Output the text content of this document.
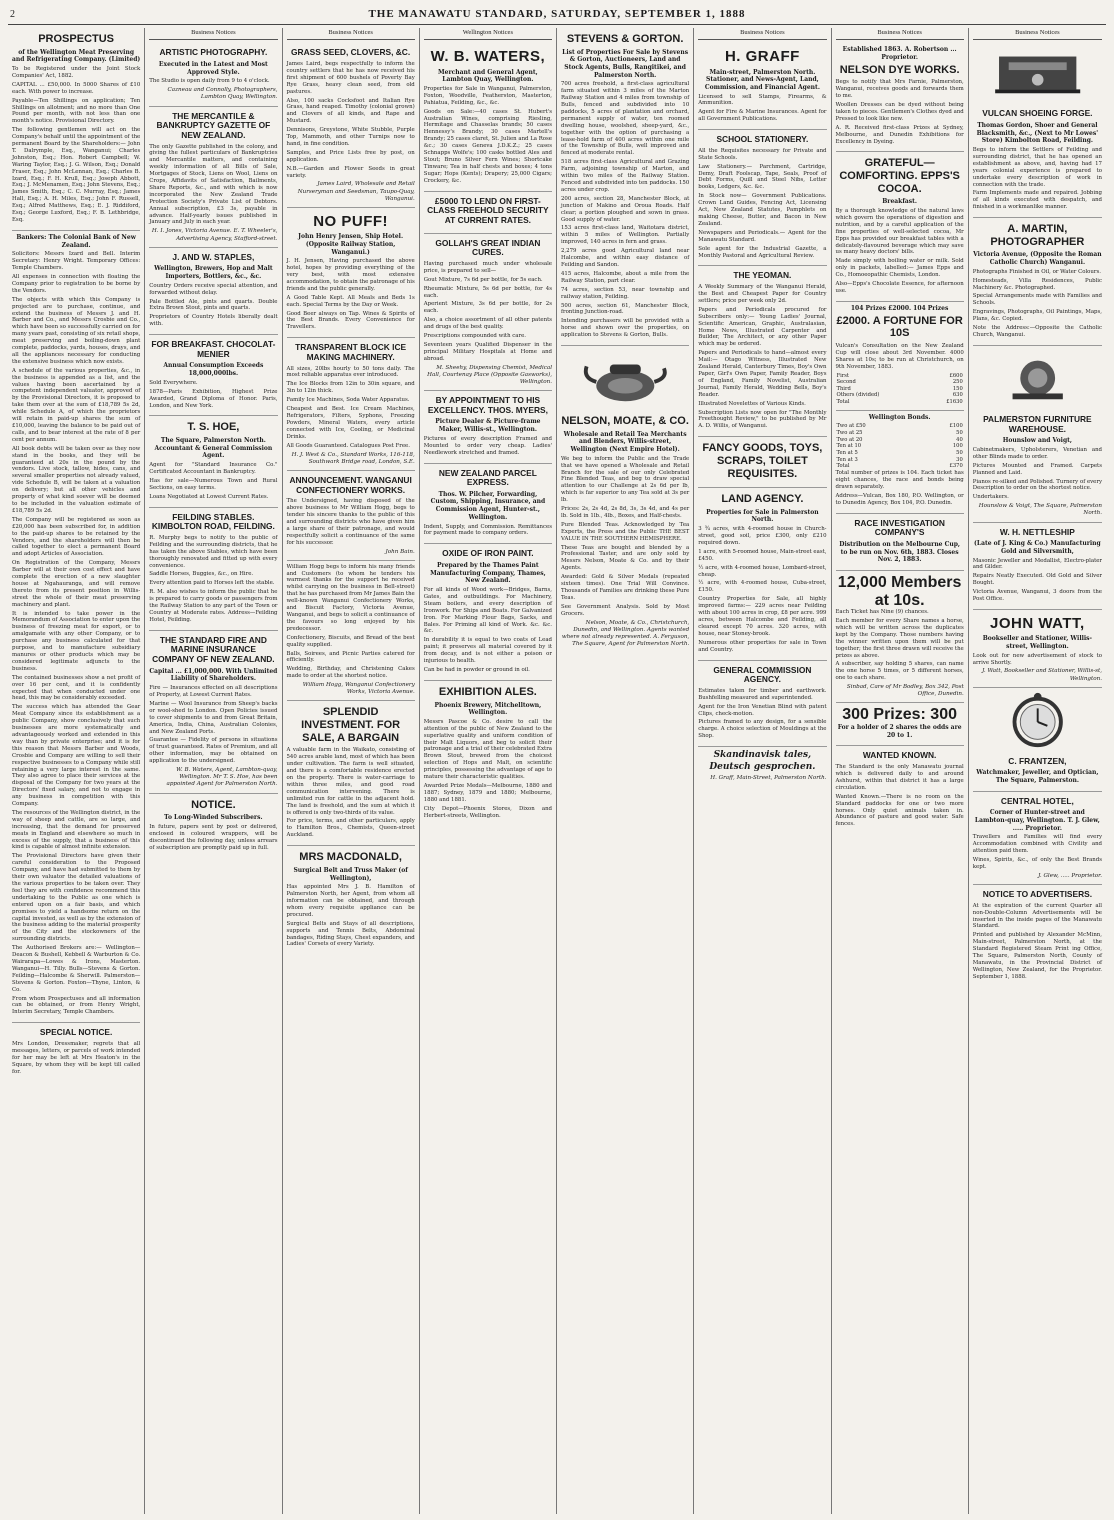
2	THE MANAWATU STANDARD, SATURDAY, SEPTEMBER 1, 1888
PROSPECTUS
of the Wellington Meat Preserving and Refrigerating Company. (Limited)

To be Registered under the Joint Stock Companies' Act, 1882.

CAPITAL ... £50,000. In 5000 Shares of £10 each. With power to increase.

Payable—Ten Shillings on application; Ten Shillings on allotment; and no more than One Pound per month, with not less than one month's notice. Provisional Directory.

The following gentlemen will act on the Company's behalf until the appointment of the permanent Board by the Shareholders:— John T. Dalrymple, Esq., Wanganui; Charles Johnston, Esq.; Hon. Robert Campbell; W. Waring Taylor, Esq.; J. G. Wilson, Esq.; Donald Fraser, Esq.; John McLennan, Esq.; Charles B. Izard, Esq.; F. H. Krull, Esq.; Joseph Abbott, Esq.; J. McMenamen, Esq.; John Stevens, Esq.; James Smith, Esq.; C. C. Murray, Esq.; James Hall, Esq.; A. H. Miles, Esq.; John F. Russell, Esq.; Alfred Matthews, Esq.; E. J. Riddiford, Esq.; George Luxford, Esq.; F. B. Lethbridge, Esq.

Bankers: The Colonial Bank of New Zealand.

Solicitors: Messrs Izard and Bell. Interim Secretary: Henry Wright. Temporary Offices: Temple Chambers.

All expenses in connection with floating the Company prior to registration to be borne by the Vendors.

The objects with which this Company is projected are to purchase, continue, and extend the business of Messrs J. and H. Barber and Co., and Messrs Crosbie and Co., which have been so successfully carried on for many years past, consisting of six retail shops, meat preserving and boiling-down plant complete, paddocks, yards, houses, drays, and all the appliances necessary for conducting the extensive business which now exists.

A schedule of the various properties, &c., in the business is appended as a list, and the values having been ascertained by a competent independent valuator, approved of by the Provisional Directors, it is proposed to take them over at the sum of £18,789 5s 2d, while Schedule A, of which the proprietors will retain in paid-up shares the sum of £10,000, leaving the balance to be paid out of calls, and to bear interest at the rate of 8 per cent per annum.

All book debts will be taken over as they now stand in the books, and they will be guaranteed at 20s in the pound by the vendors. Live stock, tallow, hides, cans, and several smaller properties not already valued, vide Schedule B, will be taken at a valuation on delivery; but all other vehicles and property of what kind soever will be deemed to be included in the valuation estimate of £18,789 5s 2d.

The Company will be registered as soon as £20,000 has been subscribed for, in addition to the paid-up shares to be retained by the Vendors, and the shareholders will then be called together to elect a permanent Board and adopt Articles of Association.

On Registration of the Company, Messrs Barber will at their own cost effect and have complete the erection of a new slaughter house at Ngahauranga, and will remove thereto from its present position in Willis-street the whole of their meat preserving machinery and plant.

It is intended to take power in the Memorandum of Association to enter upon the business of freezing meat for export, or to amalgamate with any other Company, or to purchase any business calculated for that purpose, and to manufacture subsidiary manures or other products which may be considered legitimate adjuncts to the business.

The contained businesses show a net profit of over 16 per cent, and it is confidently expected that when conducted under one head, this may be considerably exceeded.

The success which has attended the Gear Meat Company since its establishment as a public Company, show conclusively that such businesses are more systematically and advantageously worked and extended in this way than by private enterprise; and it is for this reason that Messrs Barber and Woods, Crosbie and Company are willing to sell their respective businesses to a Company while still retaining a very large interest in the same. They also agree to place their services at the disposal of the Company for two years at the Directors' fixed salary, and not to engage in any business in competition with this Company.

The resources of the Wellington district, in the way of sheep and cattle, are so large, and increasing, that the demand for preserved meats in England and elsewhere so much in excess of the supply, that a business of this kind is capable of almost infinite extension.

The Provisional Directors have given their careful consideration to the Proposed Company, and have had submitted to them by their own valuator the detailed valuations of the various properties to be taken over. They feel they are with confidence recommend this undertaking to the Public as one which is entered upon on a fair basis, and which promises to yield a handsome return on the capital invested, as well as by the extension of the business adding to the material prosperity of the City and the stockowners of the surrounding districts.

The Authorised Brokers are:— Wellington—Deacon & Bushell, Kebbell & Warburton & Co. Wairarapa—Lowes & Irons, Masterton. Wanganui—H. Tilly. Bulls—Stevens & Gorton. Feilding—Halcombe & Sherwill. Palmerston—Stevens & Gorton. Foxton—Thyne, Linton, & Co.

From whom Prospectuses and all information can be obtained, or from Henry Wright, Interim Secretary, Temple Chambers.

SPECIAL NOTICE.

Mrs London, Dressmaker, regrets that all messages, letters, or parcels of work intended for her may be left at Mrs Heaton's in the Square, by whom they will be kept till called for.

Business Notices
ARTISTIC PHOTOGRAPHY.
Executed in the Latest and Most Approved Style.

The Studio is open daily from 9 to 4 o'clock.

Cazneau and Connolly, Photographers, Lambton Quay, Wellington.
THE MERCANTILE & BANKRUPTCY GAZETTE OF NEW ZEALAND.

The only Gazette published in the colony, and giving the fullest particulars of Bankruptcies and Mercantile matters, and containing weekly information of all Bills of Sale, Mortgages of Stock, Liens on Wool, Liens on Crops, Affidavits of Satisfaction, Bailments, Share Reports, &c., and with which is now incorporated the New Zealand Trade Protection Society's Private List of Debtors. Annual subscription, £3 3s, payable in advance. Half-yearly issues published in January and July in each year.

H. I. Jones, Victoria Avenue. E. T. Wheeler's, Advertising Agency, Stafford-street.
J. AND W. STAPLES,
Wellington, Brewers, Hop and Malt Importers, Bottlers, &c., &c.

Country Orders receive special attention, and forwarded without delay.

Pale Bottled Ale, pints and quarts. Double Extra Brown Stout, pints and quarts.

Proprietors of Country Hotels liberally dealt with.

FOR BREAKFAST. CHOCOLAT-MENIER
Annual Consumption Exceeds 18,000,000lbs.

Sold Everywhere.

1878—Paris Exhibition, Highest Prize Awarded, Grand Diploma of Honor. Paris, London, and New York.

T. S. HOE,
The Square, Palmerston North. Accountant & General Commission Agent.

Agent for "Standard Insurance Co." Certificated Accountant in Bankruptcy.

Has for sale—Numerous Town and Rural Sections, on easy terms.

Loans Negotiated at Lowest Current Rates.

FEILDING STABLES. KIMBOLTON ROAD, FEILDING.

R. Murphy begs to notify to the public of Feilding and the surrounding districts, that he has taken the above Stables, which have been thoroughly renovated and fitted up with every convenience.

Saddle Horses, Buggies, &c., on Hire.

Every attention paid to Horses left the stable.

R. M. also wishes to inform the public that he is prepared to carry goods or passengers from the Railway Station to any part of the Town or Country at Moderate rates. Address—Feilding Hotel, Feilding.

THE STANDARD FIRE AND MARINE INSURANCE COMPANY OF NEW ZEALAND.
Capital ... £1,000,000. With Unlimited Liability of Shareholders.

Fire — Insurances effected on all descriptions of Property, at Lowest Current Rates.

Marine — Wool Insurance from Sheep's backs or wool-shed to London. Open Policies issued to cover shipments to and from Great Britain, America, India, China, Australian Colonies, and New Zealand Ports.

Guarantee — Fidelity of persons in situations of trust guaranteed. Rates of Premium, and all other information, may be obtained on application to the undersigned.

W. B. Waters, Agent, Lambton-quay, Wellington. Mr T. S. Hoe, has been appointed Agent for Palmerston North.
NOTICE.
To Long-Winded Subscribers.

In future, papers sent by post or delivered, enclosed in coloured wrappers, will be discontinued the following day, unless arrears of subscription are promptly paid up in full.

Business Notices
GRASS SEED, CLOVERS, &C.

James Laird, begs respectfully to inform the country settlers that he has now received his first shipment of 600 bushels of Poverty Bay Rye Grass, heavy clean seed, from old pastures.

Also, 100 sacks Cocksfoot and Italian Rye Grass, hand reaped. Timothy (colonial grown) and Clovers of all kinds, and Rape and Mustard.

Dennisons, Greystone, White Stubble, Purple Top, Mammoth, and other Turnips now to hand, in fine condition.

Samples, and Price Lists free by post, on application.

N.B.—Garden and Flower Seeds in great variety.

James Laird, Wholesale and Retail Nurseryman and Seedsman, Taupo-Quay, Wanganui.
NO PUFF!
John Henry Jensen, Ship Hotel. (Opposite Railway Station, Wanganui.)

J. H. Jensen, Having purchased the above hotel, hopes by providing everything of the very best, with most extensive accommodation, to obtain the patronage of his friends and the public generally.

A Good Table Kept. All Meals and Beds 1s each. Special Terms by the Day or Week.

Good Beer always on Tap. Wines & Spirits of the Best Brands. Every Convenience for Travellers.

TRANSPARENT BLOCK ICE MAKING MACHINERY.

All sizes, 20lbs hourly to 50 tons daily. The most reliable apparatus ever introduced.

The Ice Blocks from 12in to 30in square, and 3in to 12in thick.

Family Ice Machines, Soda Water Apparatus.

Cheapest and Best. Ice Cream Machines, Refrigerators, Filters, Syphons, Freezing Powders, Mineral Waters, every article connected with Ice, Cooling, or Medicinal Drinks.

All Goods Guaranteed. Catalogues Post Free.

H. J. West & Co., Standard Works, 116-118, Southwark Bridge road, London, S.E.
ANNOUNCEMENT. WANGANUI CONFECTIONERY WORKS.

The Undersigned, having disposed of the above business to Mr William Hogg, begs to tender his sincere thanks to the public of this and surrounding districts who have given him a large share of their patronage, and would respectfully solicit a continuance of the same for his successor.

John Bain.

William Hogg begs to inform his many friends and Customers (to whom he tenders his warmest thanks for the support he received whilst carrying on the business in Bell-street) that he has purchased from Mr James Bain the well-known Wanganui Confectionery Works, and Biscuit Factory, Victoria Avenue, Wanganui, and begs to solicit a continuance of the favours so long enjoyed by his predecessor.

Confectionery, Biscuits, and Bread of the best quality supplied.

Balls, Soirees, and Picnic Parties catered for efficiently.

Wedding, Birthday, and Christening Cakes made to order at the shortest notice.

William Hogg, Wanganui Confectionery Works, Victoria Avenue.
SPLENDID INVESTMENT. FOR SALE, A BARGAIN

A valuable farm in the Waikato, consisting of 540 acres arable land, most of which has been under cultivation. The farm is well situated, and there is a comfortable residence erected on the property. There is water-carriage to within three miles, and good road communication intervening. There is unlimited run for cattle in the adjacent hold. The land is freehold, and the sum at which it is offered is only two-thirds of its value.

For price, terms, and other particulars, apply to Hamilton Bros., Chemists, Queen-street Auckland.

MRS MACDONALD,
Surgical Belt and Truss Maker (of Wellington),

Has appointed Mrs J. B. Hamilton of Palmerston North, her Agent, from whom all information can be obtained, and through whom every requisite appliance can be procured.

Surgical Belts and Stays of all descriptions, supports and Tennis Belts, Abdominal bandages, Riding Stays, Chest expanders, and Ladies' Corsets of every Variety.

Wellington Notices
W. B. WATERS,
Merchant and General Agent, Lambton Quay, Wellington.

Properties for Sale in Wanganui, Palmerston, Foxton, Woodville, Featherston, Masterton, Pahiatua, Feilding, &c., &c.

Goods on Sale:—40 cases St. Hubert's Australian Wines, comprising Riesling, Hermitage and Chasselas brands; 50 cases Hennessy's Brandy; 30 cases Martell's Brandy; 25 cases claret, St. Julien and La Rose &c.; 30 cases Geneva J.D.K.Z.; 25 cases Schnapps Wolfe's; 100 casks bottled Ales and Stout; Bruno Silver Fern Wines; Shortcake Tinware; Tea in half chests and boxes; 4 tons Sugar; Hops (Kents); Drapery; 25,000 Cigars; Crockery, &c.

£5000 TO LEND ON FIRST-CLASS FREEHOLD SECURITY AT CURRENT RATES.
GOLLAH'S GREAT INDIAN CURES.

Having purchased much under wholesale price, is prepared to sell—

Gout Mixture, 7s 6d per bottle, for 5s each.

Rheumatic Mixture, 5s 6d per bottle, for 4s each.

Aperient Mixture, 3s 6d per bottle, for 2s each.

Also, a choice assortment of all other patents and drugs of the best quality.

Prescriptions compounded with care.

Seventeen years Qualified Dispenser in the principal Military Hospitals at Home and abroad.

M. Sheehy, Dispensing Chemist, Medical Hall, Courtenay Place (Opposite Gasworks), Wellington.
BY APPOINTMENT TO HIS EXCELLENCY. THOS. MYERS,
Picture Dealer & Picture-frame Maker, Willis-st., Wellington.

Pictures of every description Framed and Mounted to order very cheap. Ladies' Needlework stretched and framed.

NEW ZEALAND PARCEL EXPRESS.
Thos. W. Pilcher, Forwarding, Custom, Shipping, Insurance, and Commission Agent, Hunter-st., Wellington.

Indent, Supply, and Commission. Remittances for payment made to company orders.

OXIDE OF IRON PAINT.
Prepared by the Thames Paint Manufacturing Company, Thames, New Zealand.

For all kinds of Wood work—Bridges, Barns, Gates, and outbuildings. For Machinery, Steam boilers, and every description of Ironwork. For Ships and Boats. For Galvanized Iron. For Marking Flour Bags, Sacks, and Bales. For Priming all kind of Work. &c. &c. &c.

In durability it is equal to two coats of Lead paint; it preserves all material covered by it from decay, and is not either a poison or injurious to health.

Can be had in powder or ground in oil.

EXHIBITION ALES.
Phoenix Brewery, Mitchelltown, Wellington.

Messrs Pascoe & Co. desire to call the attention of the public of New Zealand to the superlative quality and uniform condition of their Malt Liquors, and beg to solicit their patronage and a trial of their celebrated Extra Brown Stout, brewed from the choicest selection of Hops and Malt, on scientific principles, possessing the advantage of age to mature their characteristic qualities.

Awarded Prize Medals—Melbourne, 1880 and 1887; Sydney, 1879 and 1880; Melbourne, 1880 and 1881.

City Depot—Phoenix Stores, Dixon and Herbert-streets, Wellington.

STEVENS & GORTON.
List of Properties For Sale by Stevens & Gorton, Auctioneers, Land and Stock Agents, Bulls, Rangitikei, and Palmerston North.

700 acres freehold, a first-class agricultural farm situated within 3 miles of the Marton Railway Station and 4 miles from township of Bulls, fenced and subdivided into 10 paddocks, 5 acres of plantation and orchard, permanent supply of water, ten roomed dwelling house, woolshed, sheep-yard, &c., together with the option of purchasing a lease-hold farm of 400 acres within one mile of the Township of Bulls, well improved and fenced at moderate rental.

518 acres first-class Agricultural and Grazing Farm, adjoining township of Marton, and within two miles of the Railway Station. Fenced and subdivided into ten paddocks. 150 acres under crop.

200 acres, section 28, Manchester Block, at junction of Makino and Oroua Roads. Half clear; a portion ploughed and sown in grass. Good supply of water.

153 acres first-class land, Waitotara district, within 5 miles of Wellington. Partially improved, 140 acres in fern and grass.

2,279 acres good Agricultural land near Halcombe, and within easy distance of Feilding and Sandon.

415 acres, Halcombe, about a mile from the Railway Station, part clear.

74 acres, section 53, near township and railway station, Feilding.

500 acres, section 61, Manchester Block, fronting Junction-road.

Intending purchasers will be provided with a horse and shown over the properties, on application to Stevens & Gorton, Bulls.

NELSON, MOATE, & CO.
Wholesale and Retail Tea Merchants and Blenders, Willis-street, Wellington (Next Empire Hotel).

We beg to inform the Public and the Trade that we have opened a Wholesale and Retail Branch for the sale of our only Celebrated Fine Blended Teas, and beg to draw special attention to our Challenge at 2s 6d per lb, which is far superior to any Tea sold at 3s per lb.

Prices: 2s, 2s 4d, 2s 8d, 3s, 3s 4d, and 4s per lb. Sold in 1lb., 4lb., Boxes, and Half-chests.

Pure Blended Teas. Acknowledged by Tea Experts, the Press and the Public THE BEST VALUE IN THE SOUTHERN HEMISPHERE.

These Teas are bought and blended by a Professional Taster, and are only sold by Messrs Nelson, Moate & Co. and by their Agents.

Awarded: Gold & Silver Medals (repeated sixteen times). One Trial Will Convince. Thousands of Families are drinking these Pure Teas.

See Government Analysis. Sold by Most Grocers.

Nelson, Moate, & Co., Christchurch, Dunedin, and Wellington. Agents wanted where not already represented. A. Ferguson, The Square, Agent for Palmerston North.
Business Notices
H. GRAFF
Main-street, Palmerston North. Stationer, and News-Agent, Land, Commission, and Financial Agent.

Licensed to sell Stamps, Firearms, & Ammunition.

Agent for Fire & Marine Insurances. Agent for all Government Publications.

SCHOOL STATIONERY.

All the Requisites necessary for Private and State Schools.

Law Stationery.— Parchment, Cartridge, Demy, Draft Foolscap, Tape, Seals, Proof of Debt Forms, Quill and Steel Nibs, Letter books, Ledgers, &c. &c.

In Stock now— Government Publications. Crown Land Guides, Fencing Act, Licensing Act, New Zealand Statutes, Pamphlets on making Cheese, Butter, and Bacon in New Zealand.

Newspapers and Periodicals.— Agent for the Manawatu Standard.

Sole agent for the Industrial Gazette, a Monthly Pastoral and Agricultural Review.

THE YEOMAN.

A Weekly Summary of the Wanganui Herald, the Best and Cheapest Paper for Country settlers; price per week only 2d.

Papers and Periodicals procured for Subscribers only:— Young Ladies' Journal, Scientific American, Graphic, Australasian, Home News, Illustrated Carpenter and Builder, The Architect, or any other Paper which may be ordered.

Papers and Periodicals to hand—almost every Mail:— Otago Witness, Illustrated New Zealand Herald, Canterbury Times, Boy's Own Paper, Girl's Own Paper, Family Reader, Boys of England, Family Novelist, Australian Journal, Family Herald, Wedding Bells, Boy's Reader.

Illustrated Novelettes of Various Kinds.

Subscription Lists now open for "The Monthly Freethought Review," to be published by Mr A. D. Willis, of Wanganui.

FANCY GOODS, TOYS, SCRAPS, TOILET REQUISITES.
LAND AGENCY.
Properties for Sale in Palmerston North.

3 ¾ acres, with 4-roomed house in Church-street, good soil, price £300, only £210 required down.

1 acre, with 5-roomed house, Main-street east, £450.

½ acre, with 4-roomed house, Lombard-street, cheap.

½ acre, with 4-roomed house, Cuba-street, £150.

Country Properties for Sale, all highly improved farms:— 229 acres near Feilding with about 100 acres in crop, £8 per acre. 999 acres, between Halcombe and Feilding, all cleared except 70 acres. 320 acres, with house, near Stoney-brook.

Numerous other properties for sale in Town and Country.

GENERAL COMMISSION AGENCY.

Estimates taken for timber and earthwork. Bushfelling measured and superintended.

Agent for the Iron Venetian Blind with patent Clips, check-motion.

Pictures framed to any design, for a sensible charge. A choice selection of Mouldings at the Shop.

Skandinavisk tales, Deutsch gesprochen.
H. Graff, Main-Street, Palmerston North.
Business Notices
Established 1863. A. Robertson ... Proprietor.
NELSON DYE WORKS.

Begs to notify that Mrs Farnie, Palmerston, Wanganui, receives goods and forwards them to me.

Woollen Dresses can be dyed without being taken to pieces. Gentlemen's Clothes dyed and Pressed to look like new.

A. R. Received first-class Prizes at Sydney, Melbourne, and Dunedin Exhibitions for Excellency in Dyeing.

GRATEFUL—COMFORTING. EPPS'S COCOA.
Breakfast.

By a thorough knowledge of the natural laws which govern the operations of digestion and nutrition, and by a careful application of the fine properties of well-selected cocoa, Mr Epps has provided our breakfast tables with a delicately-flavoured beverage which may save us many heavy doctors' bills.

Made simply with boiling water or milk. Sold only in packets, labelled:— James Epps and Co., Homoeopathic Chemists, London.

Also—Epps's Chocolate Essence, for afternoon use.

104 Prizes £2000. 104 Prizes
£2000. A FORTUNE FOR 10S

Vulcan's Consultation on the New Zealand Cup will close about 3rd November. 4000 Shares at 10s; to be run at Christchurch, on 9th November, 1883.

First	£600
Second	250
Third	150
Others (divided)	630
Total	£1630
Wellington Bonds.
Two at £50	£100
Two at 25	50
Two at 20	40
Ten at 10	100
Ten at 5	50
Ten at 3	30
Total	£370

Total number of prizes is 104. Each ticket has eight chances, the race and bonds being drawn separately.

Address—Vulcan, Box 180, P.O. Wellington, or to Dunedin Agency, Box 104, P.O. Dunedin.

RACE INVESTIGATION COMPANY'S
Distribution on the Melbourne Cup, to be run on Nov. 6th, 1883. Closes Nov. 2, 1883.
12,000 Members at 10s.

Each Ticket has Nine (9) chances.

Each member for every Share names a horse, which will be written across the duplicates kept by the Company. Those numbers having the winner written upon them will be put together; the first three drawn will receive the prizes as above.

A subscriber, say holding 5 shares, can name the one horse 5 times, or 5 different horses, one to each share.

Sinbad, Care of Mr Bodley, Box 342, Post Office, Dunedin.
300 Prizes: 300
For a holder of 2 shares the odds are 20 to 1.
WANTED KNOWN.

The Standard is the only Manawatu journal which is delivered daily to and around Ashhurst, within that district it has a large circulation.

Wanted Known.—There is no room on the Standard paddocks for one or two more horses. Only quiet animals taken in. Abundance of pasture and good water. Safe fences.

Business Notices
VULCAN SHOEING FORGE.
Thomas Gordon, Shoer and General Blacksmith, &c., (Next to Mr Lowes' Store) Kimbolton Road, Feilding.

Begs to inform the Settlers of Feilding and surrounding district, that he has opened an establishment as above, and, having had 17 years colonial experience is prepared to undertake every description of work in connection with the trade.

Farm Implements made and repaired. Jobbing of all kinds executed with despatch, and finished in a workmanlike manner.

A. MARTIN, PHOTOGRAPHER
Victoria Avenue, (Opposite the Roman Catholic Church) Wanganui.

Photographs Finished in Oil, or Water Colours.

Homesteads, Villa Residences, Public Machinery &c. Photographed.

Special Arrangements made with Families and Schools.

Engravings, Photographs, Oil Paintings, Maps, Plans, &c. Copied.

Note the Address:—Opposite the Catholic Church, Wanganui.

PALMERSTON FURNITURE WAREHOUSE.
Hounslow and Voigt,

Cabinetmakers, Upholsterers, Venetian and other Blinds made to order.

Pictures Mounted and Framed. Carpets Planned and Laid.

Pianos re-silked and Polished. Turnery of every Description to order on the shortest notice.

Undertakers.

Hounslow & Voigt, The Square, Palmerston North.
W. H. NETTLESHIP
(Late of J. King & Co.) Manufacturing Gold and Silversmith,

Masonic Jeweller and Medallist, Electro-plater and Gilder.

Repairs Neatly Executed. Old Gold and Silver Bought.

Victoria Avenue, Wanganui, 3 doors from the Post Office.

JOHN WATT,
Bookseller and Stationer, Willis-street, Wellington.

Look out for new advertisement of stock to arrive Shortly.

J. Watt, Bookseller and Stationer, Willis-st, Wellington.
C. FRANTZEN,
Watchmaker, Jeweller, and Optician, The Square, Palmerston.
CENTRAL HOTEL,
Corner of Hunter-street and Lambton-quay, Wellington. T. J. Glew, ..... Proprietor.

Travellers and Families will find every Accommodation combined with Civility and attention paid them.

Wines, Spirits, &c., of only the Best Brands kept.

J. Glew, ..... Proprietor.
NOTICE TO ADVERTISERS.

At the expiration of the current Quarter all non-Double-Column Advertisements will be inserted in the inside pages of the Manawatu Standard.

Printed and published by Alexander McMinn, Main-street, Palmerston North, at the Standard Registered Steam Print ing Office, The Square, Palmerston North, County of Manawatu, in the Provincial District of Wellington, New Zealand, for the Proprietor. September 1, 1888.
